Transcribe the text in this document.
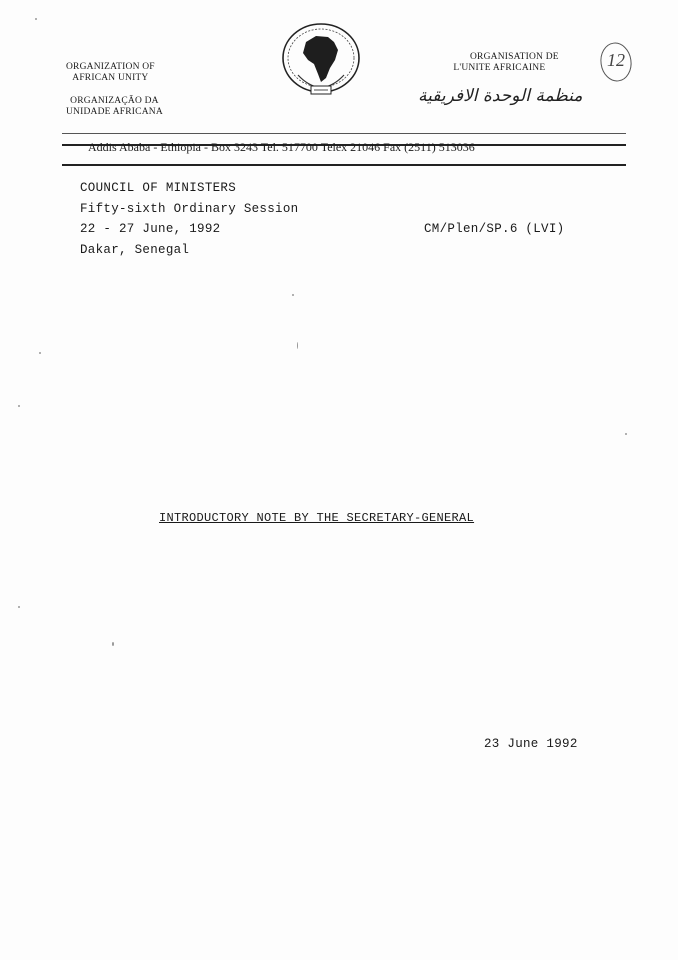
ORGANIZATION OF
AFRICAN UNITY
ORGANIZAÇÃO DA
UNIDADE AFRICANA
ORGANISATION DE
L'UNITE AFRICAINE
منظمة الوحدة الافريقية
12
Addis Ababa - Ethiopia - Box 3243 Tel. 517700 Telex 21046 Fax (2511) 513036
COUNCIL OF MINISTERS
Fifty-sixth Ordinary Session
22 - 27 June, 1992
Dakar, Senegal
CM/Plen/SP.6 (LVI)
INTRODUCTORY NOTE BY THE SECRETARY-GENERAL
23 June 1992
